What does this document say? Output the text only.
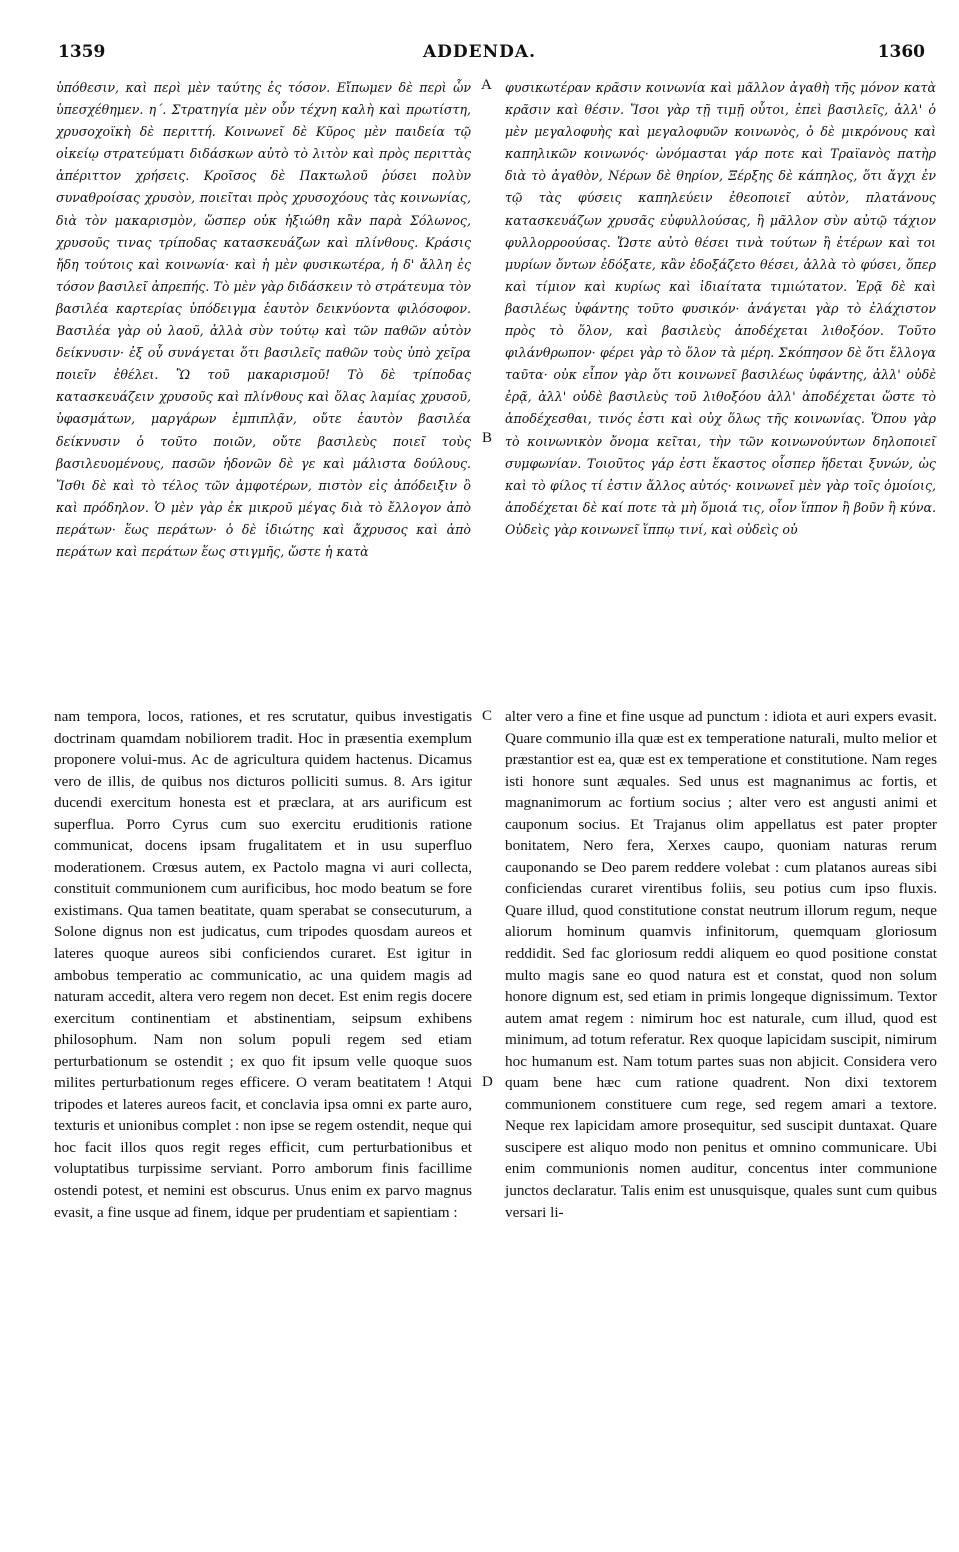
1359	ADDENDA.	1360

ὑπόθεσιν, καὶ περὶ μὲν ταύτης ἐς τόσον. Εἴπωμεν δὲ περὶ ὧν ὑπεσχέθημεν. η΄. Στρατηγία μὲν οὖν τέχνη καλὴ καὶ πρωτίστη, χρυσοχοϊκὴ δὲ περιττή. Κοινωνεῖ δὲ Κῦρος μὲν παιδεία τῷ οἰκείῳ στρατεύματι διδάσκων αὐτὸ τὸ λιτὸν καὶ πρὸς περιττὰς ἀπέριττον χρήσεις. Κροῖσος δὲ Πακτωλοῦ ῥύσει πολὺν συναθροίσας χρυσὸν, ποιεῖται πρὸς χρυσοχόους τὰς κοινωνίας, διὰ τὸν μακαρισμὸν, ὥσπερ οὐκ ἠξιώθη κἂν παρὰ Σόλωνος, χρυσοῦς τινας τρίποδας κατασκευάζων καὶ πλίνθους. Κράσις ἤδη τούτοις καὶ κοινωνία· καὶ ἡ μὲν φυσικωτέρα, ἡ δ' ἄλλη ἐς τόσον βασιλεῖ ἀπρεπής. Τὸ μὲν γὰρ διδάσκειν τὸ στράτευμα τὸν βασιλέα καρτερίας ὑπόδειγμα ἑαυτὸν δεικνύοντα φιλόσοφον. Βασιλέα γὰρ οὐ λαοῦ, ἀλλὰ σὺν τούτῳ καὶ τῶν παθῶν αὐτὸν δείκνυσιν· ἐξ οὗ συνάγεται ὅτι βασιλεῖς παθῶν τοὺς ὑπὸ χεῖρα ποιεῖν ἐθέλει. Ὢ τοῦ μακαρισμοῦ! Τὸ δὲ τρίποδας κατασκευάζειν χρυσοῦς καὶ πλίνθους καὶ ὅλας λαμίας χρυσοῦ, ὑφασμάτων, μαργάρων ἐμπιπλᾷν, οὔτε ἑαυτὸν βασιλέα δείκνυσιν ὁ τοῦτο ποιῶν, οὔτε βασιλεὺς ποιεῖ τοὺς βασιλευομένους, πασῶν ἡδονῶν δὲ γε καὶ μάλιστα δούλους. Ἴσθι δὲ καὶ τὸ τέλος τῶν ἀμφοτέρων, πιστὸν εἰς ἀπόδειξιν ὂ καὶ πρόδηλον. Ὁ μὲν γὰρ ἐκ μικροῦ μέγας διὰ τὸ ἔλλογον ἀπὸ περάτων· ἕως περάτων· ὁ δὲ ἰδιώτης καὶ ἄχρυσος καὶ ἀπὸ περάτων καὶ περάτων ἕως στιγμῆς, ὥστε ἡ κατὰ

φυσικωτέραν κρᾶσιν κοινωνία καὶ μᾶλλον ἀγαθὴ τῆς μόνον κατὰ κρᾶσιν καὶ θέσιν. Ἴσοι γὰρ τῇ τιμῇ οὗτοι, ἐπεὶ βασιλεῖς, ἀλλ' ὁ μὲν μεγαλοφυὴς καὶ μεγαλοφυῶν κοινωνὸς, ὁ δὲ μικρόνους καὶ καπηλικῶν κοινωνός· ὠνόμασται γάρ ποτε καὶ Τραϊανὸς πατὴρ διὰ τὸ ἀγαθὸν, Νέρων δὲ θηρίον, Ξέρξης δὲ κάπηλος, ὅτι ἄγχι ἐν τῷ τὰς φύσεις καπηλεύειν ἐθεοποιεῖ αὐτὸν, πλατάνους κατασκευάζων χρυσᾶς εὐφυλλούσας, ἢ μᾶλλον σὺν αὐτῷ τάχιον φυλλορροούσας. Ὥστε αὐτὸ θέσει τινὰ τούτων ἢ ἑτέρων καὶ τοι μυρίων ὄντων ἐδόξατε, κἂν ἐδοξάζετο θέσει, ἀλλὰ τὸ φύσει, ὅπερ καὶ τίμιον καὶ κυρίως καὶ ἰδιαίτατα τιμιώτατον. Ἐρᾷ δὲ καὶ βασιλέως ὑφάντης τοῦτο φυσικόν· ἀνάγεται γὰρ τὸ ἐλάχιστον πρὸς τὸ ὅλον, καὶ βασιλεὺς ἀποδέχεται λιθοξόον. Τοῦτο φιλάνθρωπον· φέρει γὰρ τὸ ὅλον τὰ μέρη. Σκόπησον δὲ ὅτι ἔλλογα ταῦτα· οὐκ εἶπον γὰρ ὅτι κοινωνεῖ βασιλέως ὑφάντης, ἀλλ' οὐδὲ ἐρᾷ, ἀλλ' οὐδὲ βασιλεὺς τοῦ λιθοξόου ἀλλ' ἀποδέχεται ὥστε τὸ ἀποδέχεσθαι, τινός ἐστι καὶ οὐχ ὅλως τῆς κοινωνίας. Ὅπου γὰρ τὸ κοινωνικὸν ὄνομα κεῖται, τὴν τῶν κοινωνούντων δηλοποιεῖ συμφωνίαν. Τοιοῦτος γάρ ἐστι ἕκαστος οἷσπερ ἥδεται ξυνών, ὡς καὶ τὸ φίλος τί ἐστιν ἄλλος αὐτός· κοινωνεῖ μὲν γὰρ τοῖς ὁμοίοις, ἀποδέχεται δὲ καί ποτε τὰ μὴ ὅμοιά τις, οἷον ἵππον ἢ βοῦν ἢ κύνα. Οὐδεὶς γὰρ κοινωνεῖ ἵππῳ τινί, καὶ οὐδεὶς οὐ

nam tempora, locos, rationes, et res scrutatur, quibus investigatis doctrinam quamdam nobiliorem tradit. Hoc in præsentia exemplum proponere volui-mus. Ac de agricultura quidem hactenus. Dicamus vero de illis, de quibus nos dicturos polliciti sumus. 8. Ars igitur ducendi exercitum honesta est et præclara, at ars aurificum est superflua. Porro Cyrus cum suo exercitu eruditionis ratione communicat, docens ipsam frugalitatem et in usu superfluo moderationem. Crœsus autem, ex Pactolo magna vi auri collecta, constituit communionem cum aurificibus, hoc modo beatum se fore existimans. Qua tamen beatitate, quam sperabat se consecuturum, a Solone dignus non est judicatus, cum tripodes quosdam aureos et lateres quoque aureos sibi conficiendos curaret. Est igitur in ambobus temperatio ac communicatio, ac una quidem magis ad naturam accedit, altera vero regem non decet. Est enim regis docere exercitum continentiam et abstinentiam, seipsum exhibens philosophum. Nam non solum populi regem sed etiam perturbationum se ostendit ; ex quo fit ipsum velle quoque suos milites perturbationum reges efficere. O veram beatitatem ! Atqui tripodes et lateres aureos facit, et conclavia ipsa omni ex parte auro, texturis et unionibus complet : non ipse se regem ostendit, neque qui hoc facit illos quos regit reges efficit, cum perturbationibus et voluptatibus turpissime serviant. Porro amborum finis facillime ostendi potest, et nemini est obscurus. Unus enim ex parvo magnus evasit, a fine usque ad finem, idque per prudentiam et sapientiam :

alter vero a fine et fine usque ad punctum : idiota et auri expers evasit. Quare communio illa quæ est ex temperatione naturali, multo melior et præstantior est ea, quæ est ex temperatione et constitutione. Nam reges isti honore sunt æquales. Sed unus est magnanimus ac fortis, et magnanimorum ac fortium socius ; alter vero est angusti animi et cauponum socius. Et Trajanus olim appellatus est pater propter bonitatem, Nero fera, Xerxes caupo, quoniam naturas rerum cauponando se Deo parem reddere volebat : cum platanos aureas sibi conficiendas curaret virentibus foliis, seu potius cum ipso fluxis. Quare illud, quod constitutione constat neutrum illorum regum, neque aliorum hominum quamvis infinitorum, quemquam gloriosum reddidit. Sed fac gloriosum reddi aliquem eo quod positione constat multo magis sane eo quod natura est et constat, quod non solum honore dignum est, sed etiam in primis longeque dignissimum. Textor autem amat regem : nimirum hoc est naturale, cum illud, quod est minimum, ad totum referatur. Rex quoque lapicidam suscipit, nimirum hoc humanum est. Nam totum partes suas non abjicit. Considera vero quam bene hæc cum ratione quadrent. Non dixi textorem communionem constituere cum rege, sed regem amari a textore. Neque rex lapicidam amore prosequitur, sed suscipit duntaxat. Quare suscipere est aliquo modo non penitus et omnino communicare. Ubi enim communionis nomen auditur, concentus inter communione junctos declaratur. Talis enim est unusquisque, quales sunt cum quibus versari li-

A
B
C
D
